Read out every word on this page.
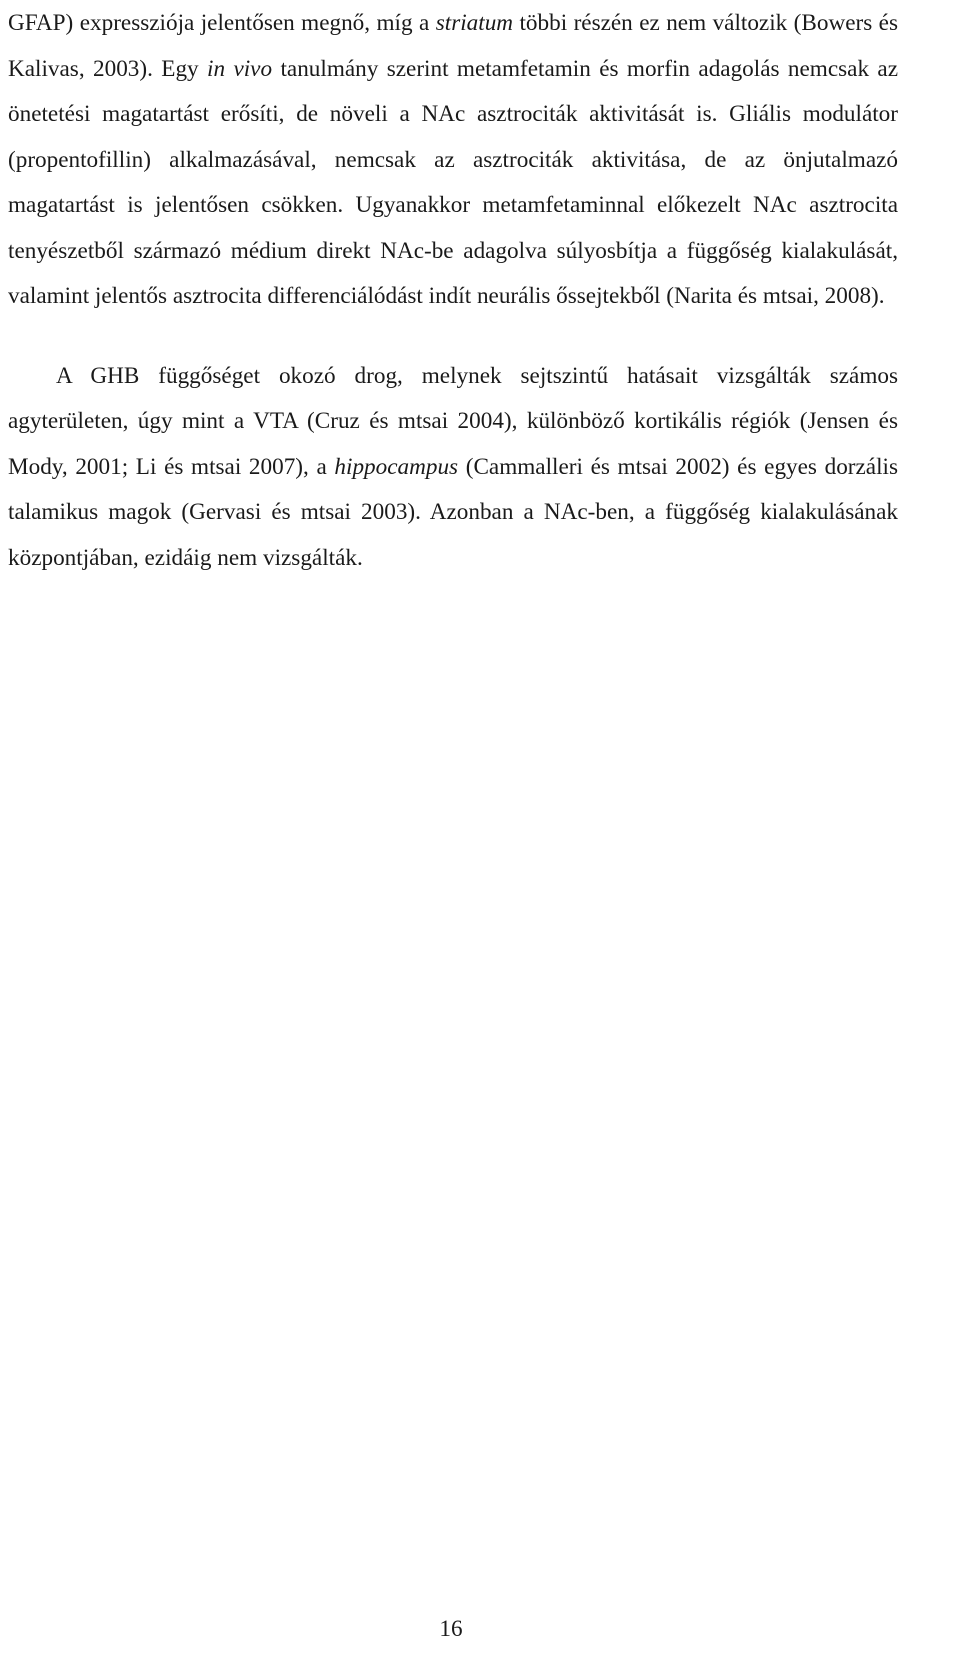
GFAP) expressziója jelentősen megnő, míg a striatum többi részén ez nem változik (Bowers és Kalivas, 2003). Egy in vivo tanulmány szerint metamfetamin és morfin adagolás nemcsak az önetetési magatartást erősíti, de növeli a NAc asztrociták aktivitását is. Gliális modulátor (propentofillin) alkalmazásával, nemcsak az asztrociták aktivitása, de az önjutalmazó magatartást is jelentősen csökken. Ugyanakkor metamfetaminnal előkezelt NAc asztrocita tenyészetből származó médium direkt NAc-be adagolva súlyosbítja a függőség kialakulását, valamint jelentős asztrocita differenciálódást indít neurális őssejtekből (Narita és mtsai, 2008).

A GHB függőséget okozó drog, melynek sejtszintű hatásait vizsgálták számos agyterületen, úgy mint a VTA (Cruz és mtsai 2004), különböző kortikális régiók (Jensen és Mody, 2001; Li és mtsai 2007), a hippocampus (Cammalleri és mtsai 2002) és egyes dorzális talamikus magok (Gervasi és mtsai 2003). Azonban a NAc-ben, a függőség kialakulásának központjában, ezidáig nem vizsgálták.

16
